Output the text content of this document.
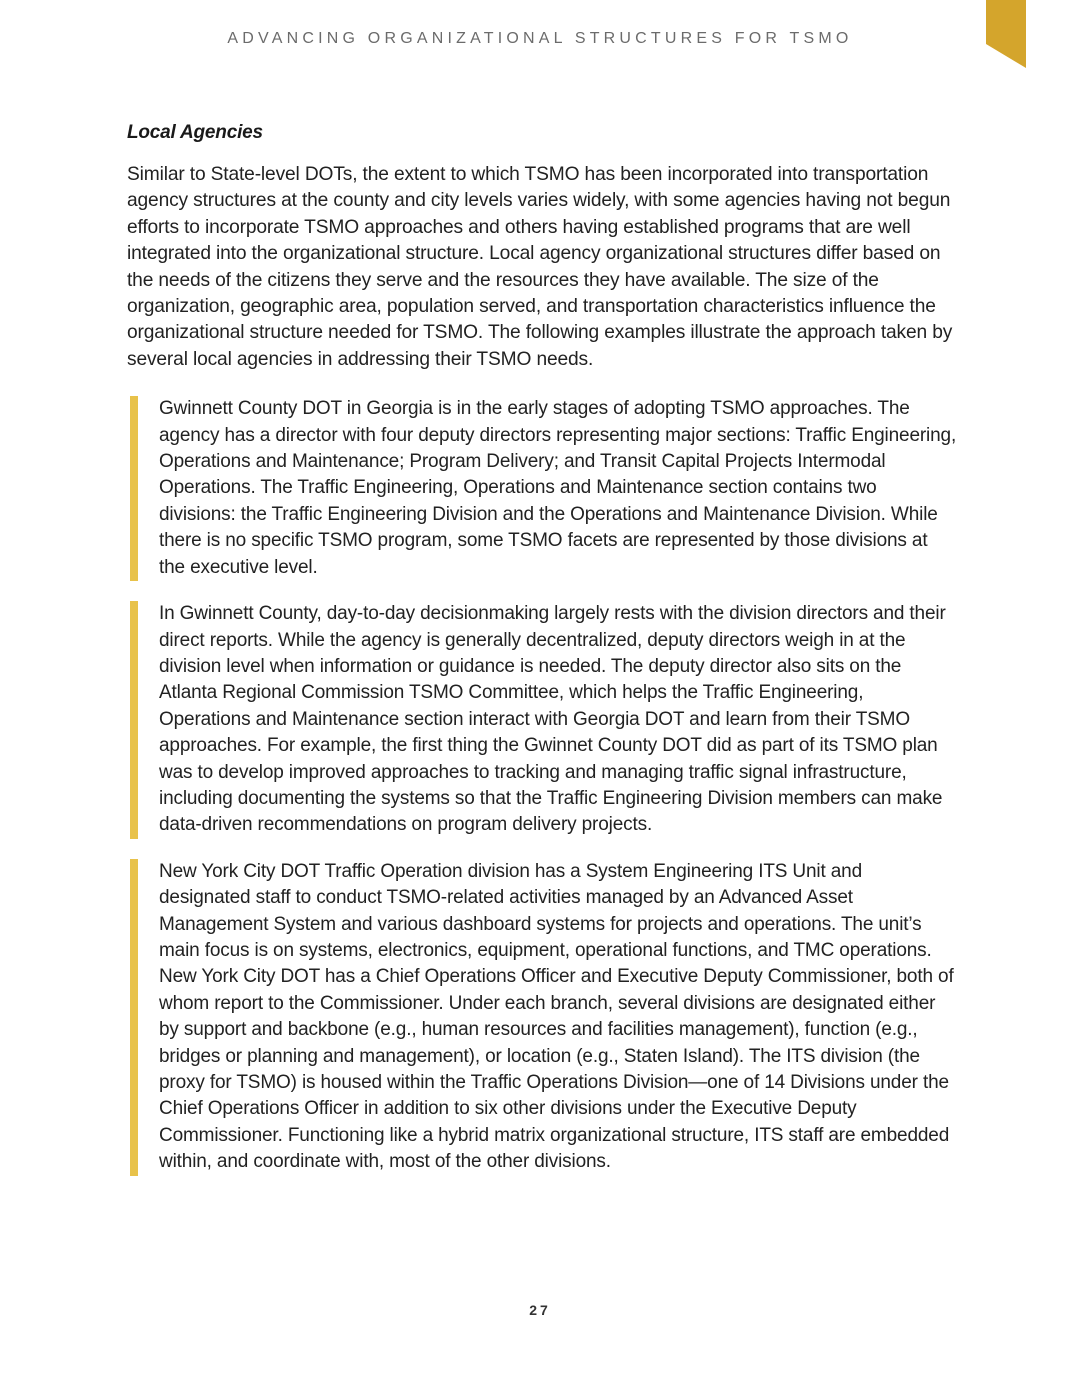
ADVANCING ORGANIZATIONAL STRUCTURES FOR TSMO
Local Agencies

Similar to State-level DOTs, the extent to which TSMO has been incorporated into transportation agency structures at the county and city levels varies widely, with some agencies having not begun efforts to incorporate TSMO approaches and others having established programs that are well integrated into the organizational structure. Local agency organizational structures differ based on the needs of the citizens they serve and the resources they have available. The size of the organization, geographic area, population served, and transportation characteristics influence the organizational structure needed for TSMO. The following examples illustrate the approach taken by several local agencies in addressing their TSMO needs.

Gwinnett County DOT in Georgia is in the early stages of adopting TSMO approaches. The agency has a director with four deputy directors representing major sections: Traffic Engineering, Operations and Maintenance; Program Delivery; and Transit Capital Projects Intermodal Operations. The Traffic Engineering, Operations and Maintenance section contains two divisions: the Traffic Engineering Division and the Operations and Maintenance Division. While there is no specific TSMO program, some TSMO facets are represented by those divisions at the executive level.

In Gwinnett County, day-to-day decisionmaking largely rests with the division directors and their direct reports. While the agency is generally decentralized, deputy directors weigh in at the division level when information or guidance is needed. The deputy director also sits on the Atlanta Regional Commission TSMO Committee, which helps the Traffic Engineering, Operations and Maintenance section interact with Georgia DOT and learn from their TSMO approaches. For example, the first thing the Gwinnet County DOT did as part of its TSMO plan was to develop improved approaches to tracking and managing traffic signal infrastructure, including documenting the systems so that the Traffic Engineering Division members can make data-driven recommendations on program delivery projects.

New York City DOT Traffic Operation division has a System Engineering ITS Unit and designated staff to conduct TSMO-related activities managed by an Advanced Asset Management System and various dashboard systems for projects and operations. The unit’s main focus is on systems, electronics, equipment, operational functions, and TMC operations. New York City DOT has a Chief Operations Officer and Executive Deputy Commissioner, both of whom report to the Commissioner. Under each branch, several divisions are designated either by support and backbone (e.g., human resources and facilities management), function (e.g., bridges or planning and management), or location (e.g., Staten Island). The ITS division (the proxy for TSMO) is housed within the Traffic Operations Division—one of 14 Divisions under the Chief Operations Officer in addition to six other divisions under the Executive Deputy Commissioner. Functioning like a hybrid matrix organizational structure, ITS staff are embedded within, and coordinate with, most of the other divisions.

27
